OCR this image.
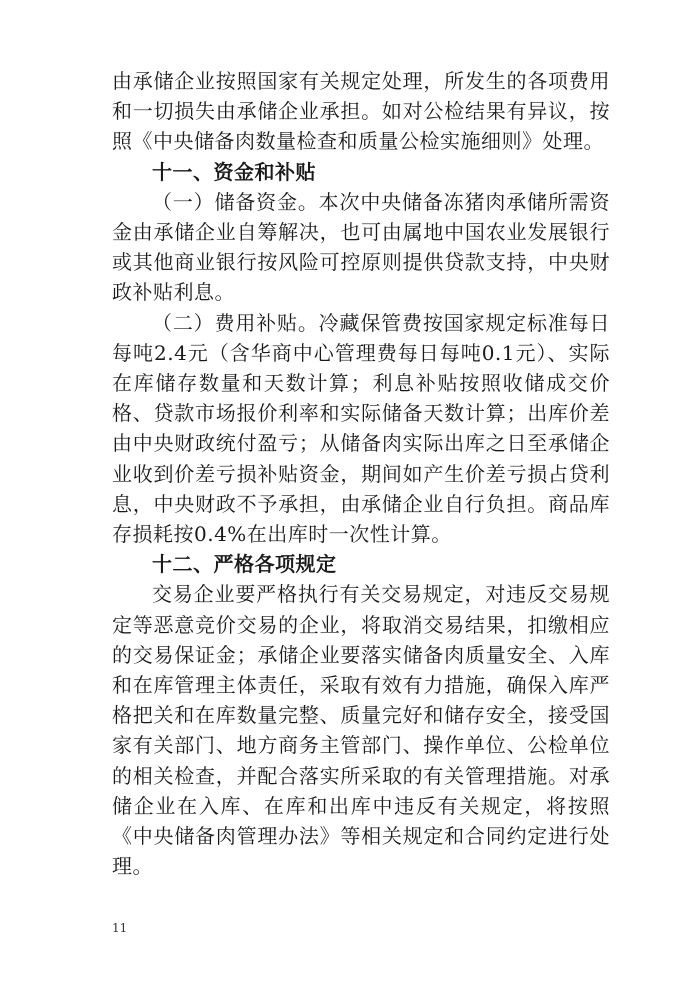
由承储企业按照国家有关规定处理，所发生的各项费用和一切损失由承储企业承担。如对公检结果有异议，按照《中央储备肉数量检查和质量公检实施细则》处理。

十一、资金和补贴

（一）储备资金。本次中央储备冻猪肉承储所需资金由承储企业自筹解决，也可由属地中国农业发展银行或其他商业银行按风险可控原则提供贷款支持，中央财政补贴利息。

（二）费用补贴。冷藏保管费按国家规定标准每日每吨2.4元（含华商中心管理费每日每吨0.1元）、实际在库储存数量和天数计算；利息补贴按照收储成交价格、贷款市场报价利率和实际储备天数计算；出库价差由中央财政统付盈亏；从储备肉实际出库之日至承储企业收到价差亏损补贴资金，期间如产生价差亏损占贷利息，中央财政不予承担，由承储企业自行负担。商品库存损耗按0.4%在出库时一次性计算。

十二、严格各项规定

交易企业要严格执行有关交易规定，对违反交易规定等恶意竞价交易的企业，将取消交易结果，扣缴相应的交易保证金；承储企业要落实储备肉质量安全、入库和在库管理主体责任，采取有效有力措施，确保入库严格把关和在库数量完整、质量完好和储存安全，接受国家有关部门、地方商务主管部门、操作单位、公检单位的相关检查，并配合落实所采取的有关管理措施。对承储企业在入库、在库和出库中违反有关规定，将按照《中央储备肉管理办法》等相关规定和合同约定进行处理。

11
